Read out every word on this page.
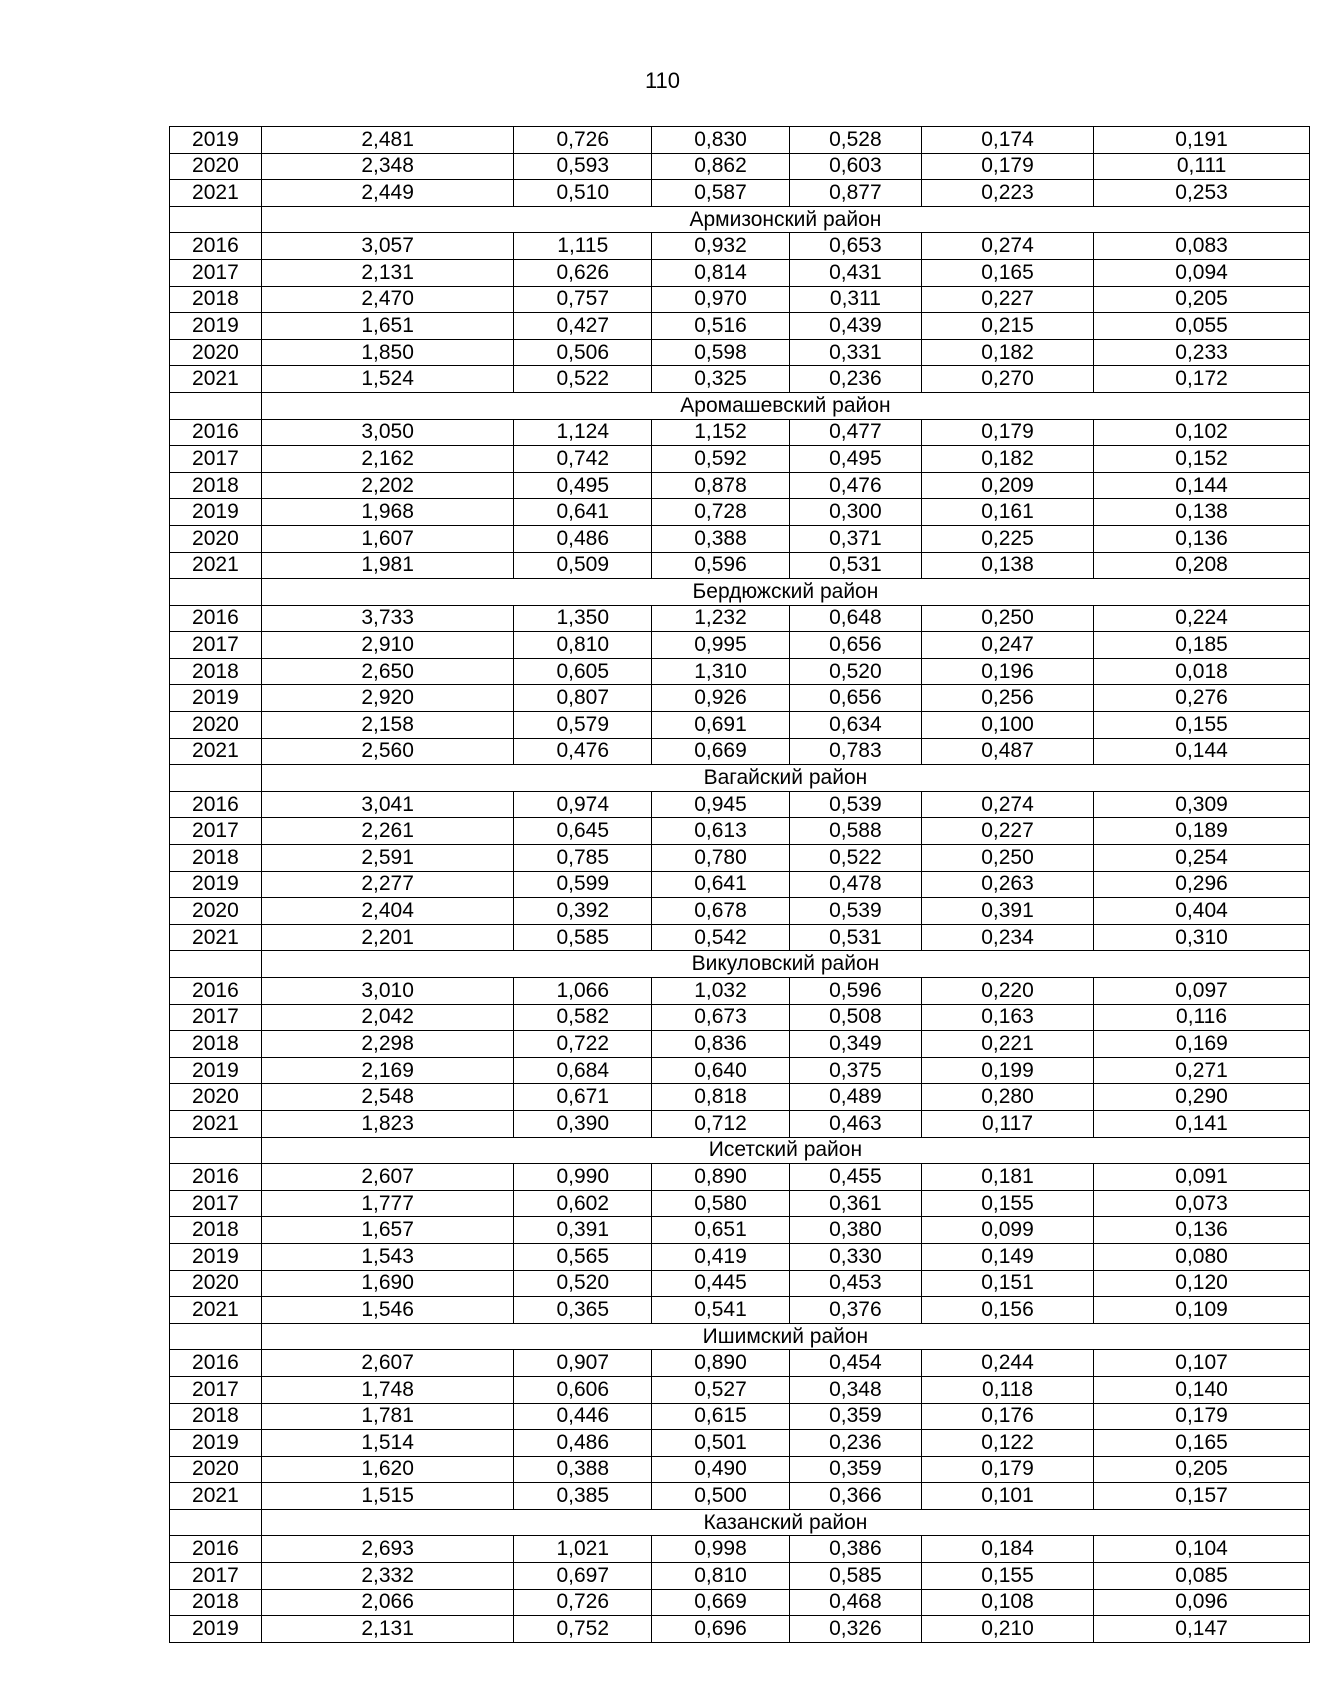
110
2019	2,481	0,726	0,830	0,528	0,174	0,191
2020	2,348	0,593	0,862	0,603	0,179	0,111
2021	2,449	0,510	0,587	0,877	0,223	0,253
	Армизонский район					
2016	3,057	1,115	0,932	0,653	0,274	0,083
2017	2,131	0,626	0,814	0,431	0,165	0,094
2018	2,470	0,757	0,970	0,311	0,227	0,205
2019	1,651	0,427	0,516	0,439	0,215	0,055
2020	1,850	0,506	0,598	0,331	0,182	0,233
2021	1,524	0,522	0,325	0,236	0,270	0,172
	Аромашевский район					
2016	3,050	1,124	1,152	0,477	0,179	0,102
2017	2,162	0,742	0,592	0,495	0,182	0,152
2018	2,202	0,495	0,878	0,476	0,209	0,144
2019	1,968	0,641	0,728	0,300	0,161	0,138
2020	1,607	0,486	0,388	0,371	0,225	0,136
2021	1,981	0,509	0,596	0,531	0,138	0,208
	Бердюжский район					
2016	3,733	1,350	1,232	0,648	0,250	0,224
2017	2,910	0,810	0,995	0,656	0,247	0,185
2018	2,650	0,605	1,310	0,520	0,196	0,018
2019	2,920	0,807	0,926	0,656	0,256	0,276
2020	2,158	0,579	0,691	0,634	0,100	0,155
2021	2,560	0,476	0,669	0,783	0,487	0,144
	Вагайский район					
2016	3,041	0,974	0,945	0,539	0,274	0,309
2017	2,261	0,645	0,613	0,588	0,227	0,189
2018	2,591	0,785	0,780	0,522	0,250	0,254
2019	2,277	0,599	0,641	0,478	0,263	0,296
2020	2,404	0,392	0,678	0,539	0,391	0,404
2021	2,201	0,585	0,542	0,531	0,234	0,310
	Викуловский район					
2016	3,010	1,066	1,032	0,596	0,220	0,097
2017	2,042	0,582	0,673	0,508	0,163	0,116
2018	2,298	0,722	0,836	0,349	0,221	0,169
2019	2,169	0,684	0,640	0,375	0,199	0,271
2020	2,548	0,671	0,818	0,489	0,280	0,290
2021	1,823	0,390	0,712	0,463	0,117	0,141
	Исетский район					
2016	2,607	0,990	0,890	0,455	0,181	0,091
2017	1,777	0,602	0,580	0,361	0,155	0,073
2018	1,657	0,391	0,651	0,380	0,099	0,136
2019	1,543	0,565	0,419	0,330	0,149	0,080
2020	1,690	0,520	0,445	0,453	0,151	0,120
2021	1,546	0,365	0,541	0,376	0,156	0,109
	Ишимский район					
2016	2,607	0,907	0,890	0,454	0,244	0,107
2017	1,748	0,606	0,527	0,348	0,118	0,140
2018	1,781	0,446	0,615	0,359	0,176	0,179
2019	1,514	0,486	0,501	0,236	0,122	0,165
2020	1,620	0,388	0,490	0,359	0,179	0,205
2021	1,515	0,385	0,500	0,366	0,101	0,157
	Казанский район					
2016	2,693	1,021	0,998	0,386	0,184	0,104
2017	2,332	0,697	0,810	0,585	0,155	0,085
2018	2,066	0,726	0,669	0,468	0,108	0,096
2019	2,131	0,752	0,696	0,326	0,210	0,147
